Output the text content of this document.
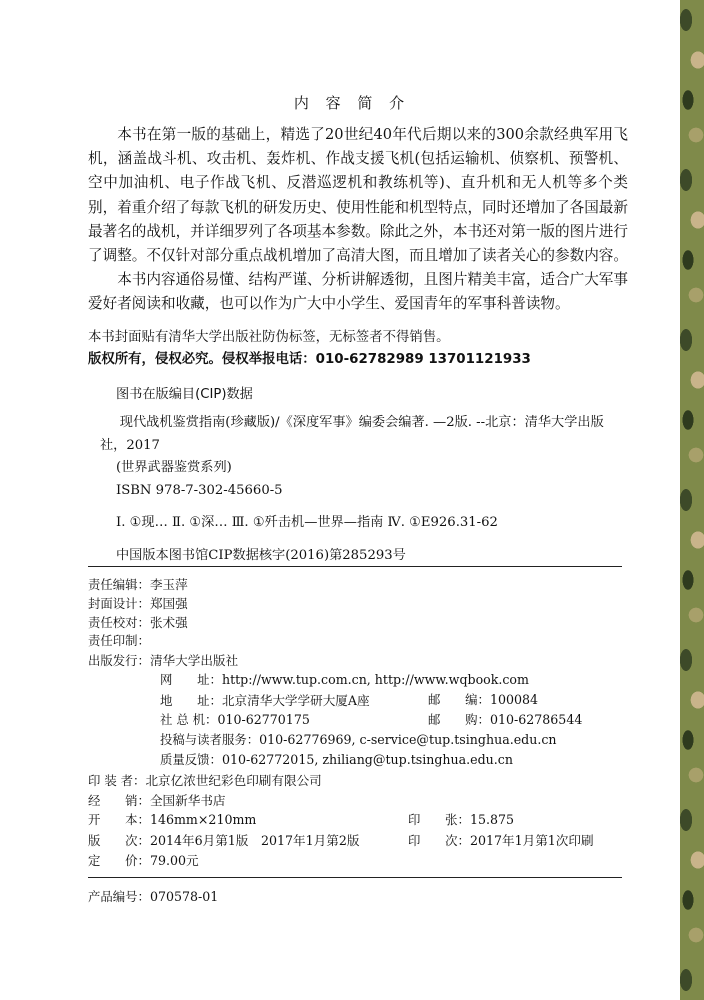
内 容 简 介

本书在第一版的基础上，精选了20世纪40年代后期以来的300余款经典军用飞机，涵盖战斗机、攻击机、轰炸机、作战支援飞机(包括运输机、侦察机、预警机、空中加油机、电子作战飞机、反潜巡逻机和教练机等)、直升机和无人机等多个类别，着重介绍了每款飞机的研发历史、使用性能和机型特点，同时还增加了各国最新最著名的战机，并详细罗列了各项基本参数。除此之外，本书还对第一版的图片进行了调整。不仅针对部分重点战机增加了高清大图，而且增加了读者关心的参数内容。

本书内容通俗易懂、结构严谨、分析讲解透彻，且图片精美丰富，适合广大军事爱好者阅读和收藏，也可以作为广大中小学生、爱国青年的军事科普读物。

本书封面贴有清华大学出版社防伪标签，无标签者不得销售。
版权所有，侵权必究。侵权举报电话：010-62782989 13701121933
图书在版编目(CIP)数据
现代战机鉴赏指南(珍藏版)/《深度军事》编委会编著. —2版. --北京：清华大学出版社，2017
(世界武器鉴赏系列)
ISBN 978-7-302-45660-5
Ⅰ. ①现… Ⅱ. ①深… Ⅲ. ①歼击机—世界—指南 Ⅳ. ①E926.31-62
中国版本图书馆CIP数据核字(2016)第285293号
责任编辑：李玉萍
封面设计：郑国强
责任校对：张术强
责任印制：
出版发行：清华大学出版社
网　　址：http://www.tup.com.cn, http://www.wqbook.com
地　　址：北京清华大学学研大厦A座	邮　　编：100084
社 总 机：010-62770175	邮　　购：010-62786544
投稿与读者服务：010-62776969, c-service@tup.tsinghua.edu.cn
质量反馈：010-62772015, zhiliang@tup.tsinghua.edu.cn
印 装 者：北京亿浓世纪彩色印刷有限公司
经　　销：全国新华书店
开　　本：146mm×210mm	印　　张：15.875
版　　次：2014年6月第1版　2017年1月第2版	印　　次：2017年1月第1次印刷
定　　价：79.00元
产品编号：070578-01
